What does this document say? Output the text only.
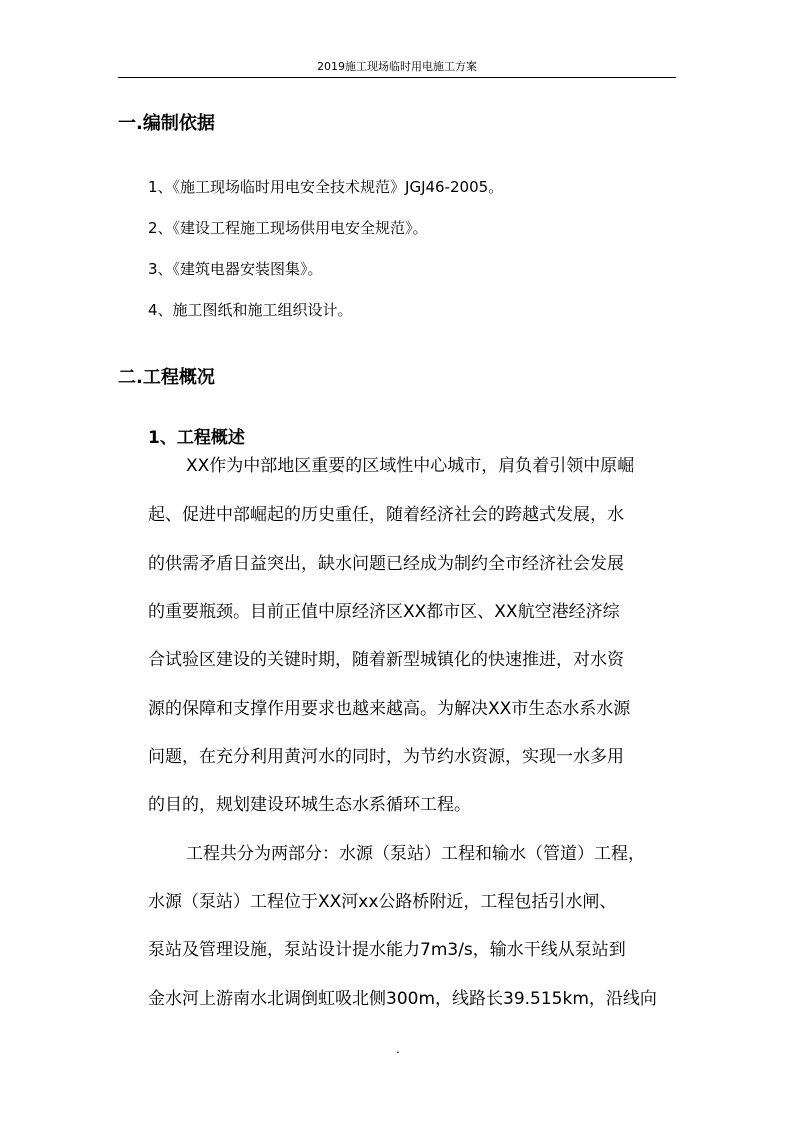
2019施工现场临时用电施工方案
一.编制依据
1、《施工现场临时用电安全技术规范》JGJ46-2005。
2、《建设工程施工现场供用电安全规范》。
3、《建筑电器安装图集》。
4、施工图纸和施工组织设计。
二.工程概况
1、工程概述
XX作为中部地区重要的区域性中心城市，肩负着引领中原崛
起、促进中部崛起的历史重任，随着经济社会的跨越式发展，水
的供需矛盾日益突出，缺水问题已经成为制约全市经济社会发展
的重要瓶颈。目前正值中原经济区XX都市区、XX航空港经济综
合试验区建设的关键时期，随着新型城镇化的快速推进，对水资
源的保障和支撑作用要求也越来越高。为解决XX市生态水系水源
问题，在充分利用黄河水的同时，为节约水资源，实现一水多用
的目的，规划建设环城生态水系循环工程。
工程共分为两部分：水源（泵站）工程和输水（管道）工程，
水源（泵站）工程位于XX河xx公路桥附近，工程包括引水闸、
泵站及管理设施，泵站设计提水能力7m3/s，输水干线从泵站到
金水河上游南水北调倒虹吸北侧300m，线路长39.515km，沿线向
.
